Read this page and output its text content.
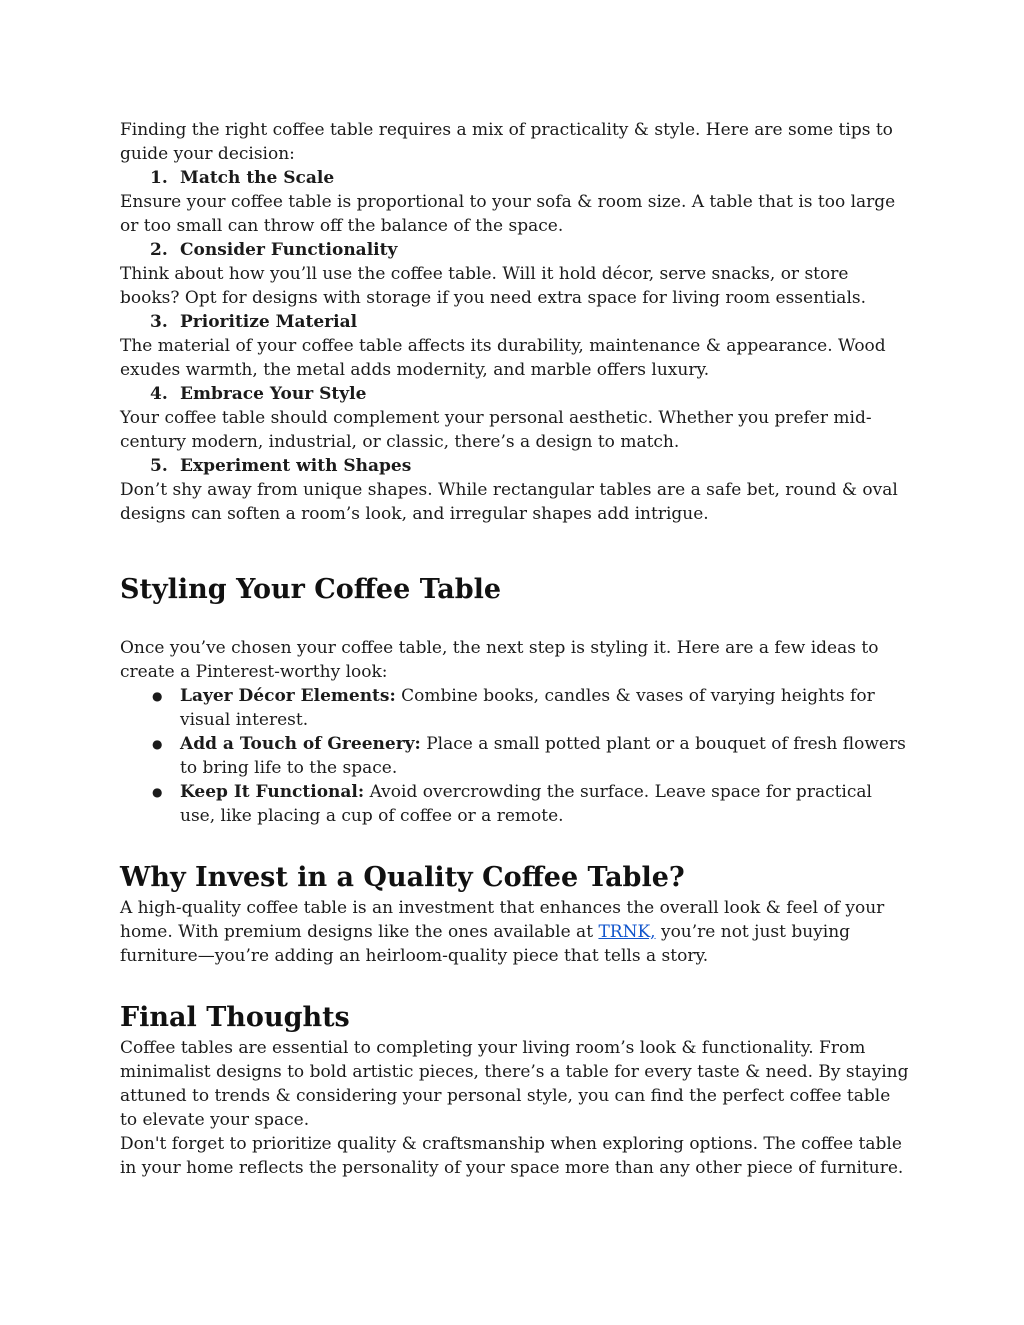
Finding the right coffee table requires a mix of practicality & style. Here are some tips to guide your decision:

1. Match the Scale

Ensure your coffee table is proportional to your sofa & room size. A table that is too large or too small can throw off the balance of the space.

2. Consider Functionality

Think about how you’ll use the coffee table. Will it hold décor, serve snacks, or store books? Opt for designs with storage if you need extra space for living room essentials.

3. Prioritize Material

The material of your coffee table affects its durability, maintenance & appearance. Wood exudes warmth, the metal adds modernity, and marble offers luxury.

4. Embrace Your Style

Your coffee table should complement your personal aesthetic. Whether you prefer mid-century modern, industrial, or classic, there’s a design to match.

5. Experiment with Shapes

Don’t shy away from unique shapes. While rectangular tables are a safe bet, round & oval designs can soften a room’s look, and irregular shapes add intrigue.

Styling Your Coffee Table

Once you’ve chosen your coffee table, the next step is styling it. Here are a few ideas to create a Pinterest-worthy look:

● Layer Décor Elements: Combine books, candles & vases of varying heights for visual interest.
● Add a Touch of Greenery: Place a small potted plant or a bouquet of fresh flowers to bring life to the space.
● Keep It Functional: Avoid overcrowding the surface. Leave space for practical use, like placing a cup of coffee or a remote.
Why Invest in a Quality Coffee Table?

A high-quality coffee table is an investment that enhances the overall look & feel of your home. With premium designs like the ones available at TRNK, you’re not just buying furniture—you’re adding an heirloom-quality piece that tells a story.

Final Thoughts

Coffee tables are essential to completing your living room’s look & functionality. From minimalist designs to bold artistic pieces, there’s a table for every taste & need. By staying attuned to trends & considering your personal style, you can find the perfect coffee table to elevate your space.

Don't forget to prioritize quality & craftsmanship when exploring options. The coffee table in your home reflects the personality of your space more than any other piece of furniture.
